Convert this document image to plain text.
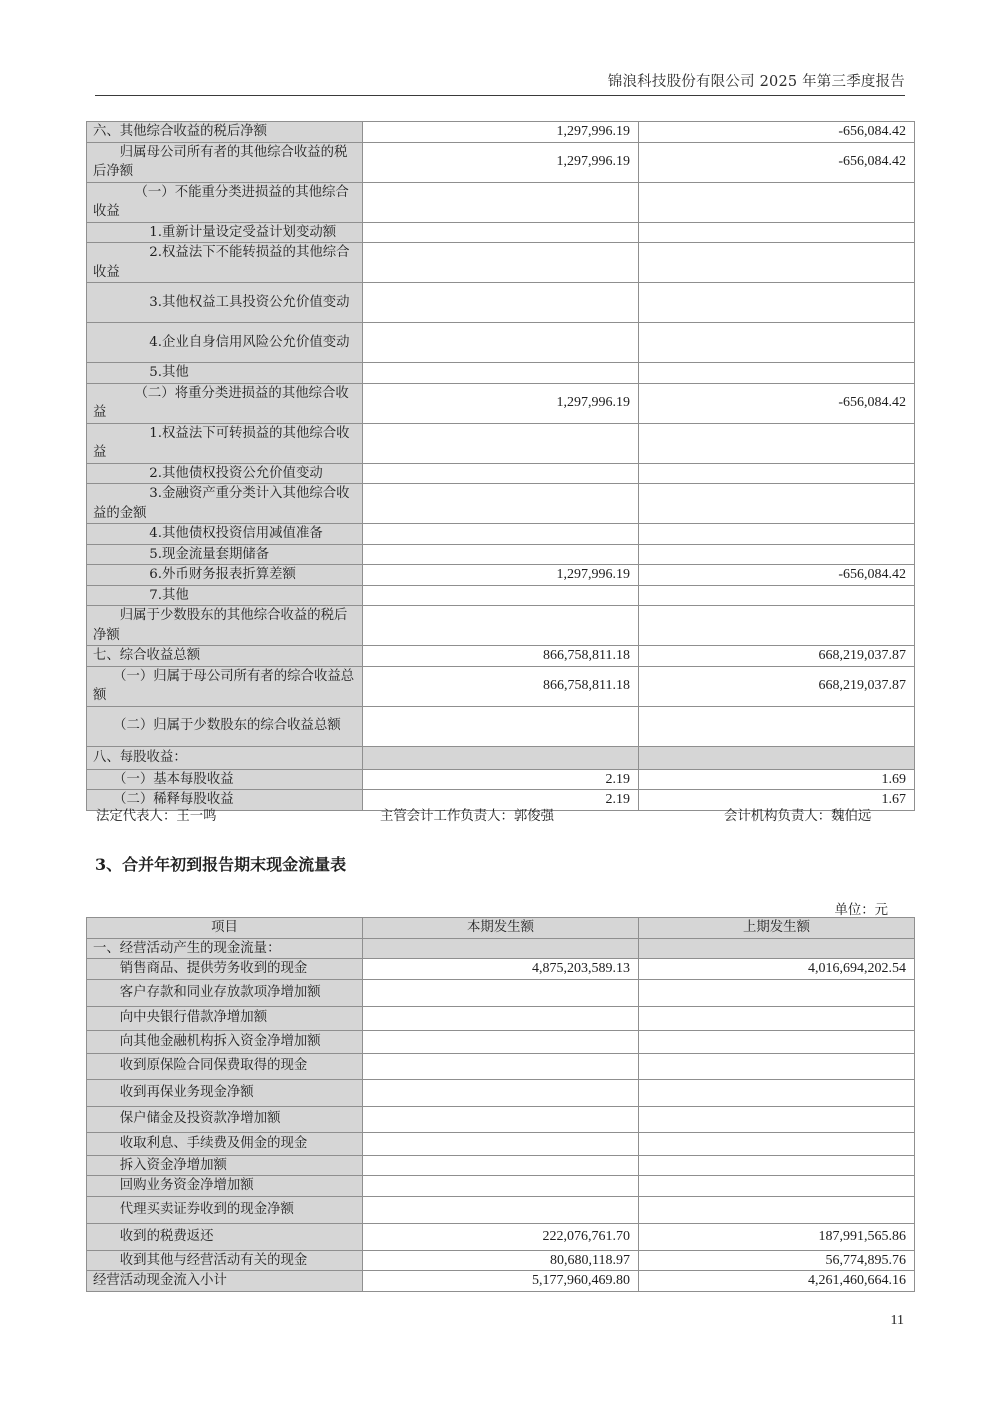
锦浪科技股份有限公司 2025 年第三季度报告
六、其他综合收益的税后净额	1,297,996.19	-656,084.42
归属母公司所有者的其他综合收益的税后净额	1,297,996.19	-656,084.42
（一）不能重分类进损益的其他综合收益		
1.重新计量设定受益计划变动额		
2.权益法下不能转损益的其他综合收益		
3.其他权益工具投资公允价值变动		
4.企业自身信用风险公允价值变动		
5.其他		
（二）将重分类进损益的其他综合收益	1,297,996.19	-656,084.42
1.权益法下可转损益的其他综合收益		
2.其他债权投资公允价值变动		
3.金融资产重分类计入其他综合收益的金额		
4.其他债权投资信用减值准备		
5.现金流量套期储备		
6.外币财务报表折算差额	1,297,996.19	-656,084.42
7.其他		
归属于少数股东的其他综合收益的税后净额		
七、综合收益总额	866,758,811.18	668,219,037.87
（一）归属于母公司所有者的综合收益总额	866,758,811.18	668,219,037.87
（二）归属于少数股东的综合收益总额		
八、每股收益：		
（一）基本每股收益	2.19	1.69
（二）稀释每股收益	2.19	1.67
法定代表人：王一鸣	主管会计工作负责人：郭俊强	会计机构负责人：魏伯远
3、合并年初到报告期末现金流量表
单位：元
项目	本期发生额	上期发生额
一、经营活动产生的现金流量：		
销售商品、提供劳务收到的现金	4,875,203,589.13	4,016,694,202.54
客户存款和同业存放款项净增加额		
向中央银行借款净增加额		
向其他金融机构拆入资金净增加额		
收到原保险合同保费取得的现金		
收到再保业务现金净额		
保户储金及投资款净增加额		
收取利息、手续费及佣金的现金		
拆入资金净增加额		
回购业务资金净增加额		
代理买卖证券收到的现金净额		
收到的税费返还	222,076,761.70	187,991,565.86
收到其他与经营活动有关的现金	80,680,118.97	56,774,895.76
经营活动现金流入小计	5,177,960,469.80	4,261,460,664.16
11
